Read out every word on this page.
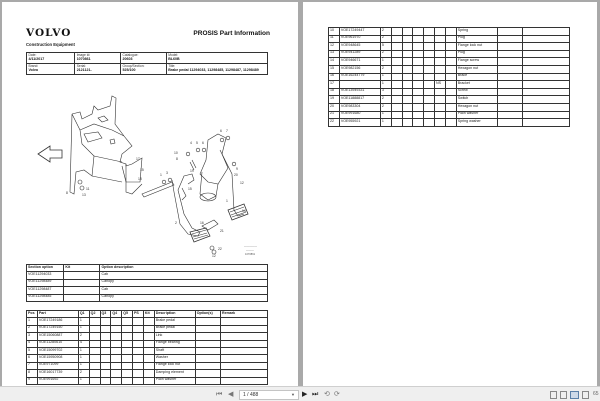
VOLVO
Construction Equipment
PROSIS Part Information
Date:
4/11/2017	Image id:
1070861	Catalogue:
20603	Model:
BL60B

Brand:
Volvo	Serial:
2121121-	Group/Section:
525/100	Title:
Brake pedal 11294033, 11298485, 11298487, 11298489
17
15
18
11
13
8
10
8
4 5 6
6 7
9
20
12
19
15
1 3
1
14
2	16
21
22
12
—————
———
1070861
Section option	Kit	Option description
VOE11294033		Cab
VOE11298489		Canopy
VOE11298487		Cab
VOE11298485		Canopy
Pos	Part	Q1	Q2	Q3	Q4	Q5	PS	Kit	Description	Option(s)	Remark
1	VOE17249186	1							Brake pedal		
2	VOE17249150	1							Brake pedal		
3	VOE15060887	2							Link		
4	VOE11280610	4							Flange bearing		
5	VOE15099702	1							Shaft		
6	VOE15950908	1							Washer		
7	VOE971099	1							Flange lock nut		
8	VOE16017739	2							Damping element		
9	VOE991692	1							Plain washer		
10	VOE17249447	2							Spring		
11	VOE961970	2							Plug		
12	VOE948645	5							Flange lock nut		
13	VOE941289	2							Plug		
14	VOE946671	1							Flange screw		
15	VOE982156	2							Hexagon nut		
16	VOE16244779	1							Brace		
17		1					NS		Bracket		
18	VOE13949331	3							Screw		
19	VOE11888817	2							Switch		
20	VOE983304	2							Hexagon nut		
21	VOE991680	1							Plain washer		
22	VOE955921	1							Spring washer		
⏮ ◀	1 / 488	▼ ▶ ⏭ ⟲ ⟳	65
